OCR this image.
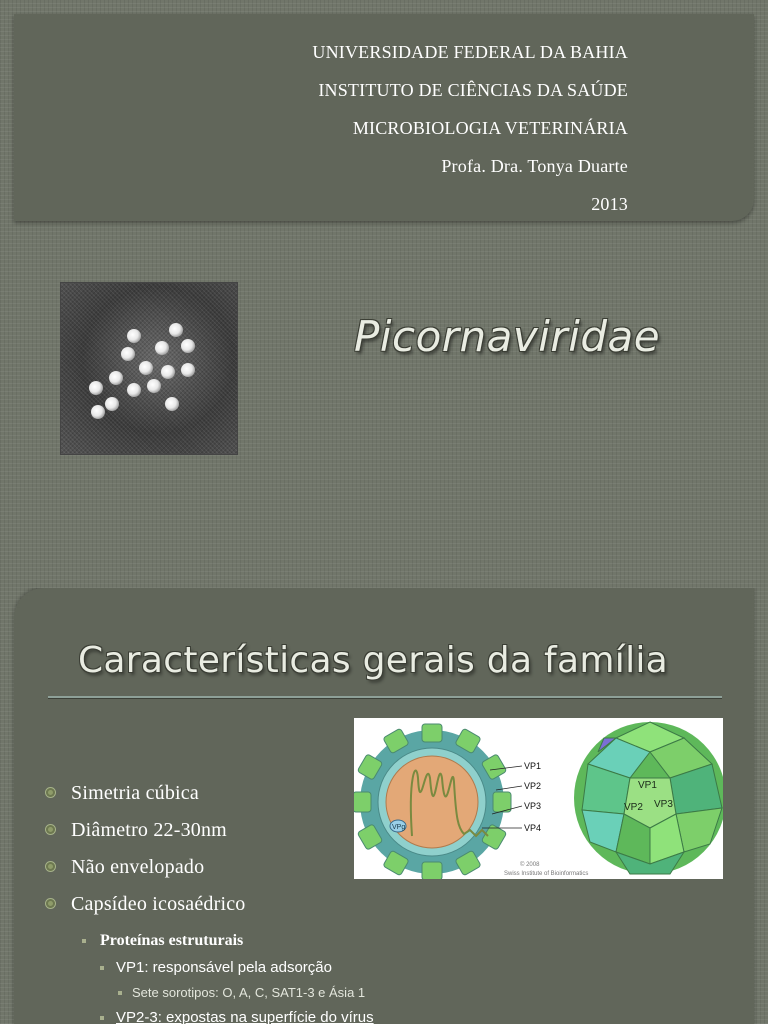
UNIVERSIDADE FEDERAL DA BAHIA
INSTITUTO DE CIÊNCIAS DA SAÚDE
MICROBIOLOGIA VETERINÁRIA
Profa. Dra. Tonya Duarte
2013
Picornaviridae
Características gerais da família
VPg
VP1
VP2
VP3
VP4
© 2008
Swiss Institute of Bioinformatics
VP1
VP2 VP3
Simetria cúbica
Diâmetro 22-30nm
Não envelopado
Capsídeo icosaédrico
Proteínas estruturais
VP1: responsável pela adsorção
Sete sorotipos: O, A, C, SAT1-3 e Ásia 1
VP2-3: expostas na superfície do vírus
